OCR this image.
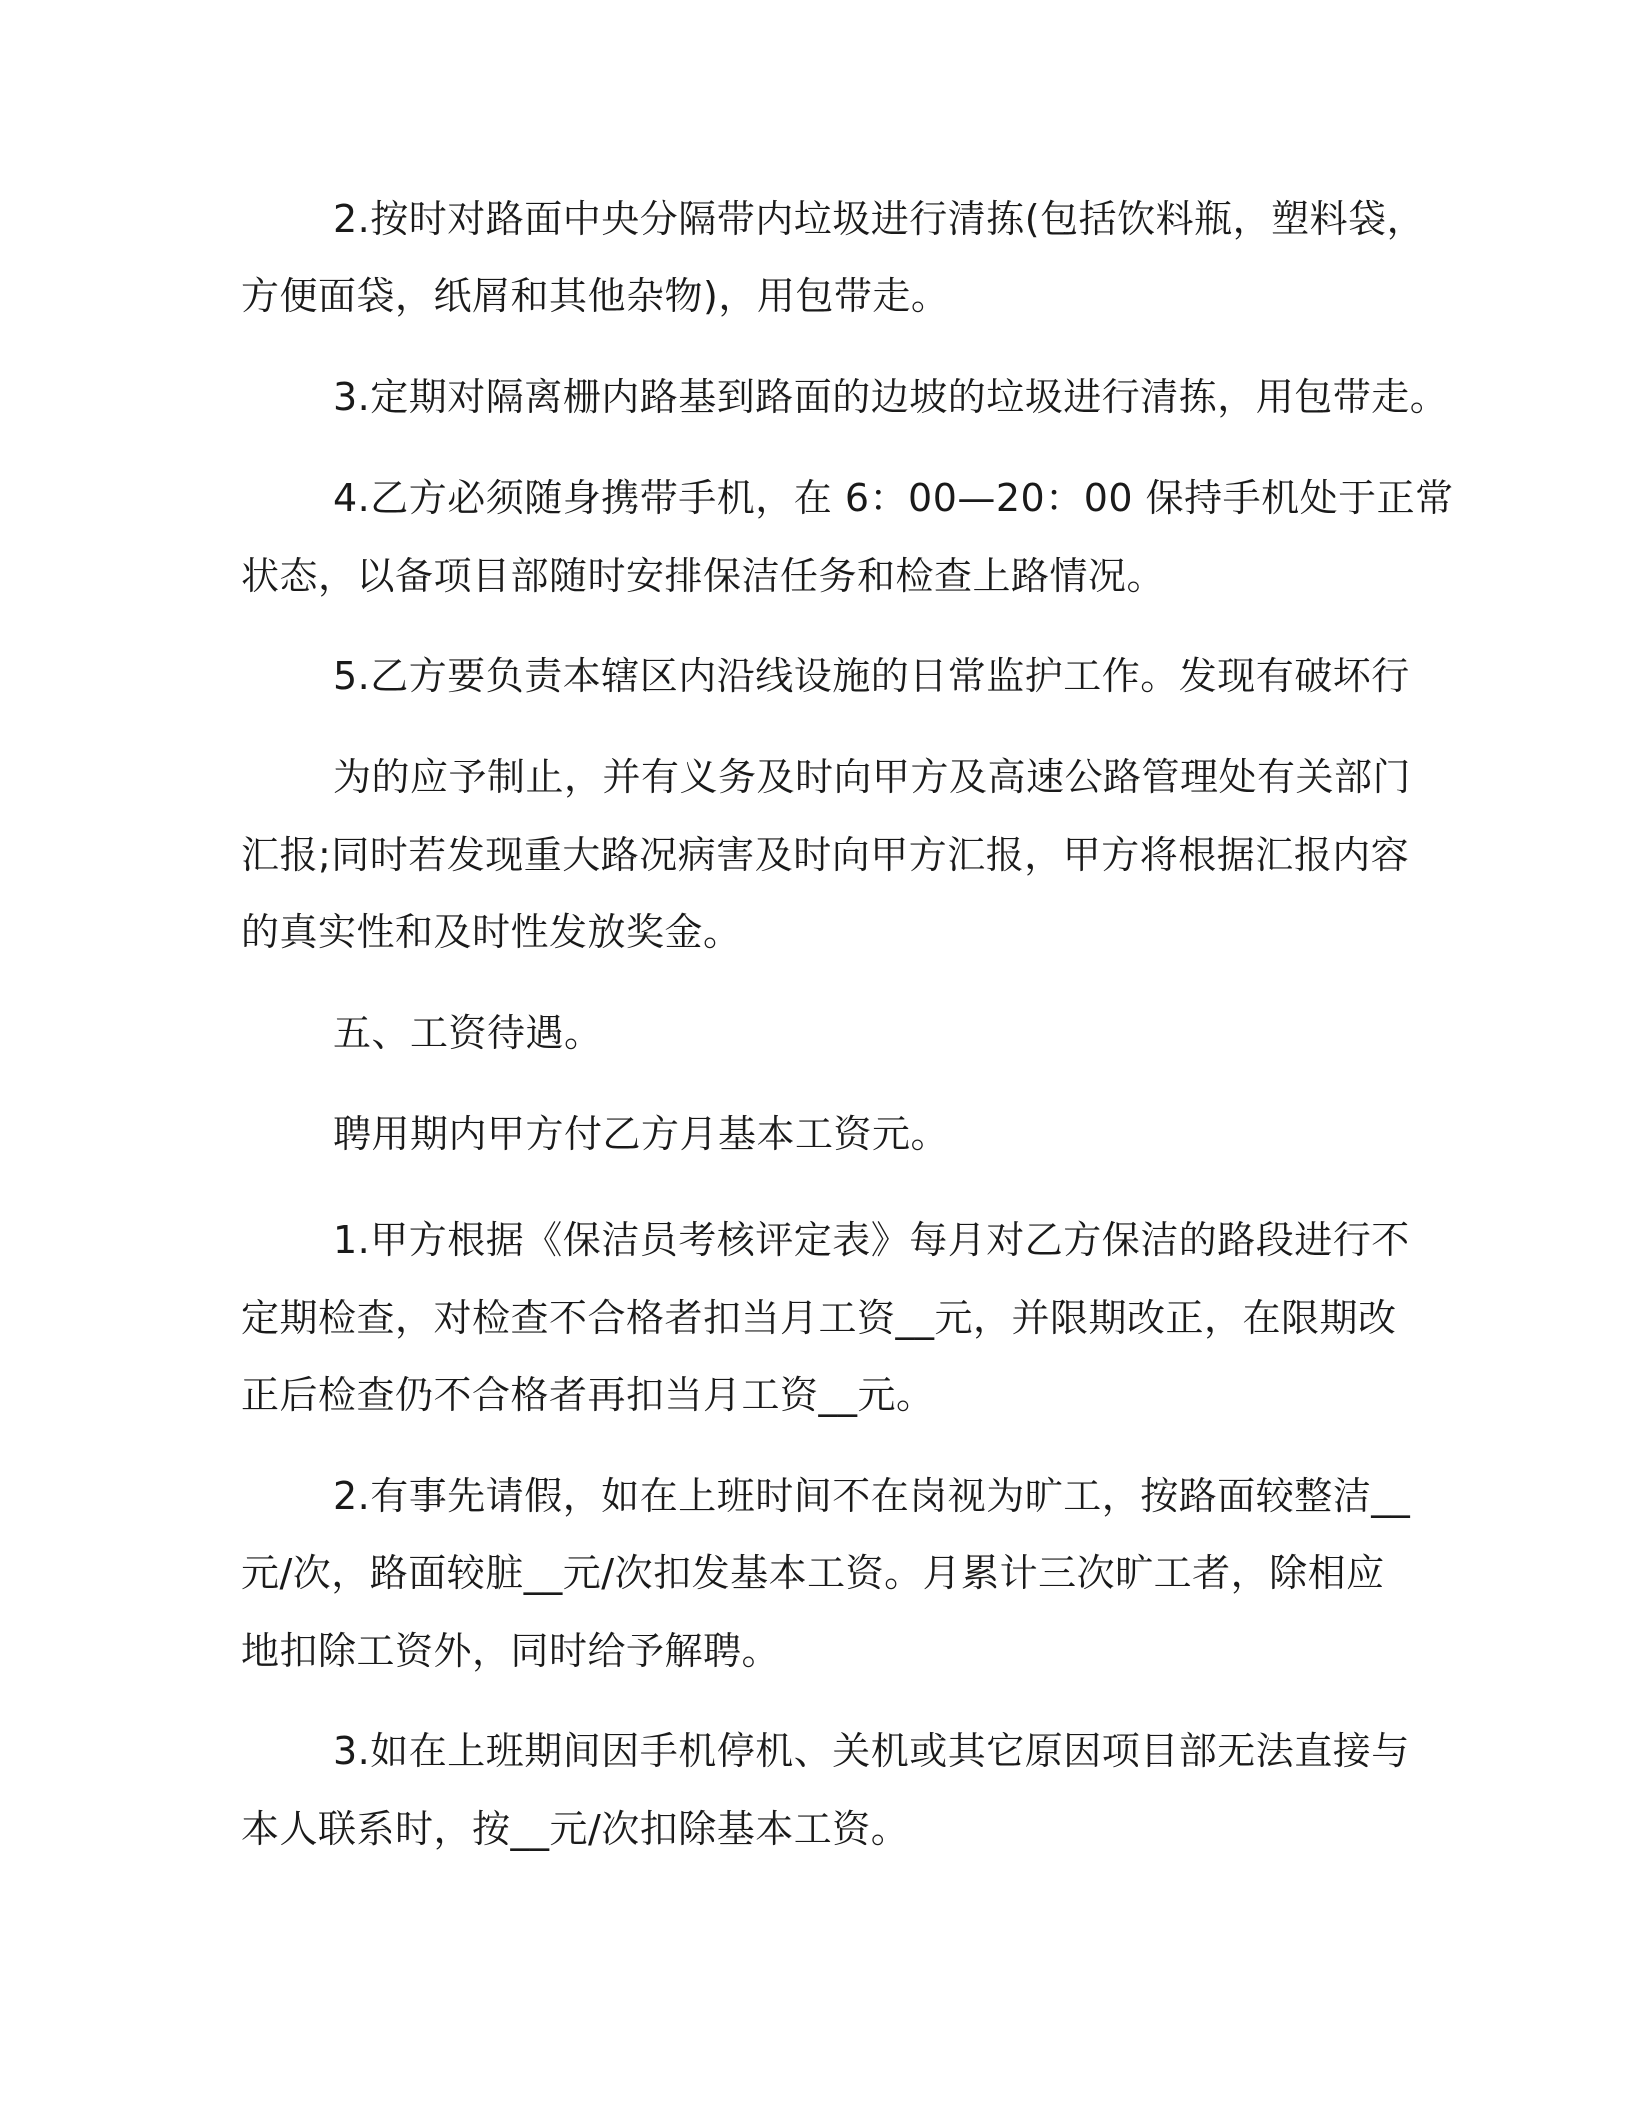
2.按时对路面中央分隔带内垃圾进行清拣(包括饮料瓶，塑料袋，
方便面袋，纸屑和其他杂物)，用包带走。
3.定期对隔离栅内路基到路面的边坡的垃圾进行清拣，用包带走。
4.乙方必须随身携带手机，在 6：00—20：00 保持手机处于正常
状态，以备项目部随时安排保洁任务和检查上路情况。
5.乙方要负责本辖区内沿线设施的日常监护工作。发现有破坏行
为的应予制止，并有义务及时向甲方及高速公路管理处有关部门
汇报;同时若发现重大路况病害及时向甲方汇报，甲方将根据汇报内容
的真实性和及时性发放奖金。
五、工资待遇。
聘用期内甲方付乙方月基本工资元。
1.甲方根据《保洁员考核评定表》每月对乙方保洁的路段进行不
定期检查，对检查不合格者扣当月工资__元，并限期改正，在限期改
正后检查仍不合格者再扣当月工资__元。
2.有事先请假，如在上班时间不在岗视为旷工，按路面较整洁__
元/次，路面较脏__元/次扣发基本工资。月累计三次旷工者，除相应
地扣除工资外，同时给予解聘。
3.如在上班期间因手机停机、关机或其它原因项目部无法直接与
本人联系时，按__元/次扣除基本工资。
